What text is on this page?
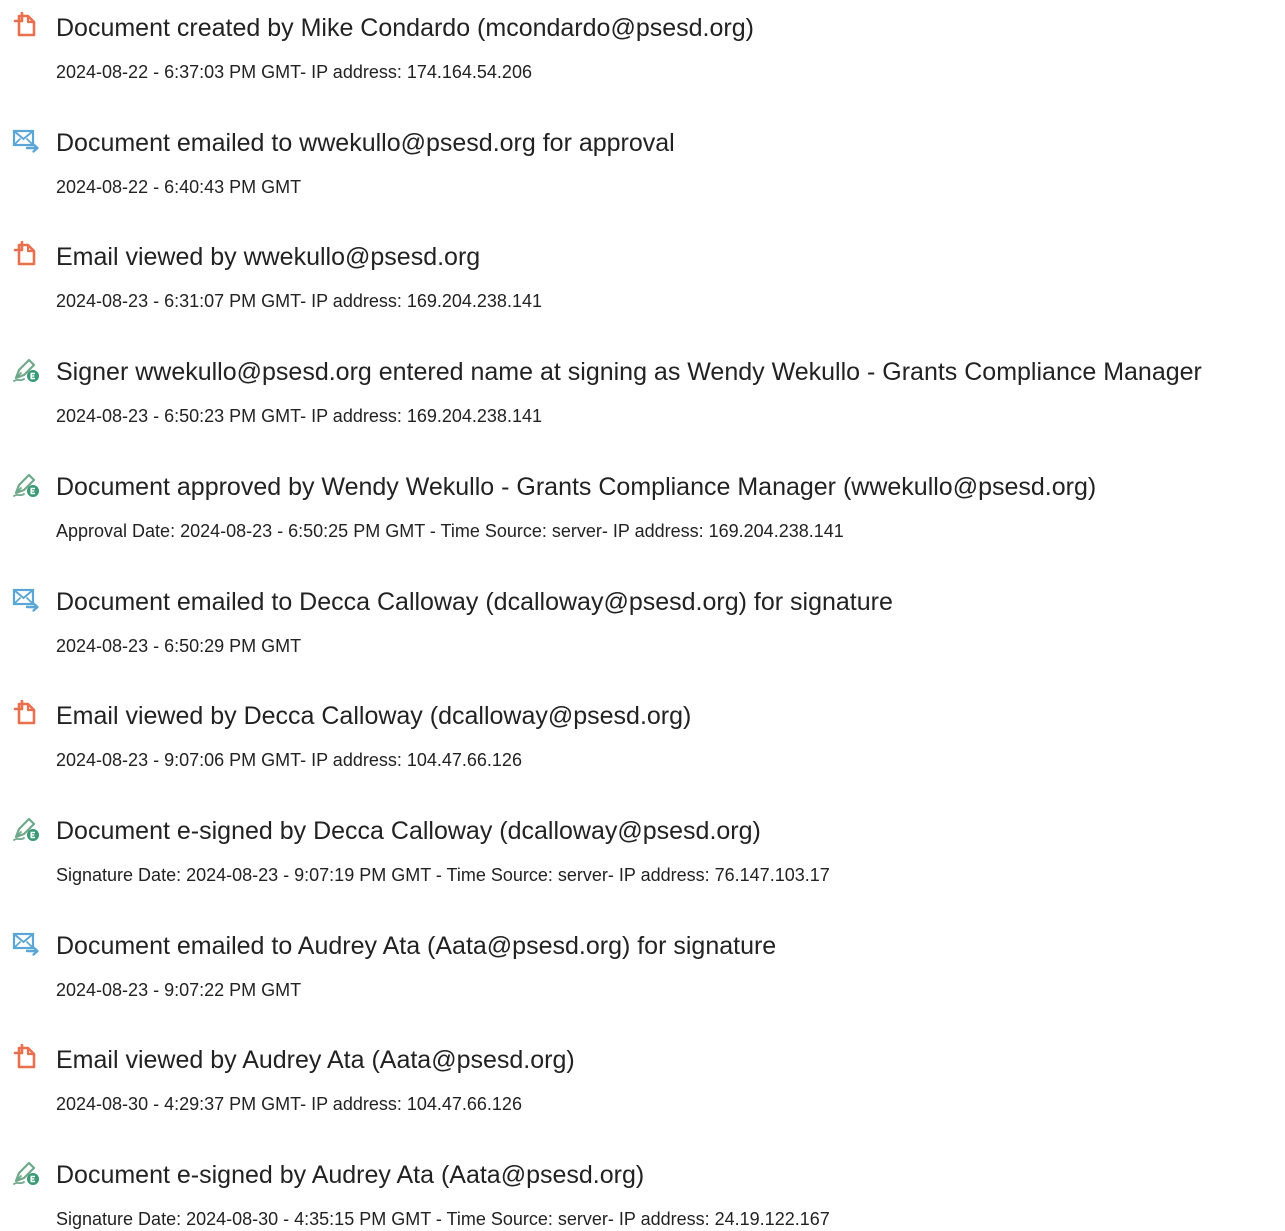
Document created by Mike Condardo (mcondardo@psesd.org)
2024-08-22 - 6:37:03 PM GMT- IP address: 174.164.54.206
Document emailed to wwekullo@psesd.org for approval
2024-08-22 - 6:40:43 PM GMT
Email viewed by wwekullo@psesd.org
2024-08-23 - 6:31:07 PM GMT- IP address: 169.204.238.141
Signer wwekullo@psesd.org entered name at signing as Wendy Wekullo - Grants Compliance Manager
2024-08-23 - 6:50:23 PM GMT- IP address: 169.204.238.141
Document approved by Wendy Wekullo - Grants Compliance Manager (wwekullo@psesd.org)
Approval Date: 2024-08-23 - 6:50:25 PM GMT - Time Source: server- IP address: 169.204.238.141
Document emailed to Decca Calloway (dcalloway@psesd.org) for signature
2024-08-23 - 6:50:29 PM GMT
Email viewed by Decca Calloway (dcalloway@psesd.org)
2024-08-23 - 9:07:06 PM GMT- IP address: 104.47.66.126
Document e-signed by Decca Calloway (dcalloway@psesd.org)
Signature Date: 2024-08-23 - 9:07:19 PM GMT - Time Source: server- IP address: 76.147.103.17
Document emailed to Audrey Ata (Aata@psesd.org) for signature
2024-08-23 - 9:07:22 PM GMT
Email viewed by Audrey Ata (Aata@psesd.org)
2024-08-30 - 4:29:37 PM GMT- IP address: 104.47.66.126
Document e-signed by Audrey Ata (Aata@psesd.org)
Signature Date: 2024-08-30 - 4:35:15 PM GMT - Time Source: server- IP address: 24.19.122.167
